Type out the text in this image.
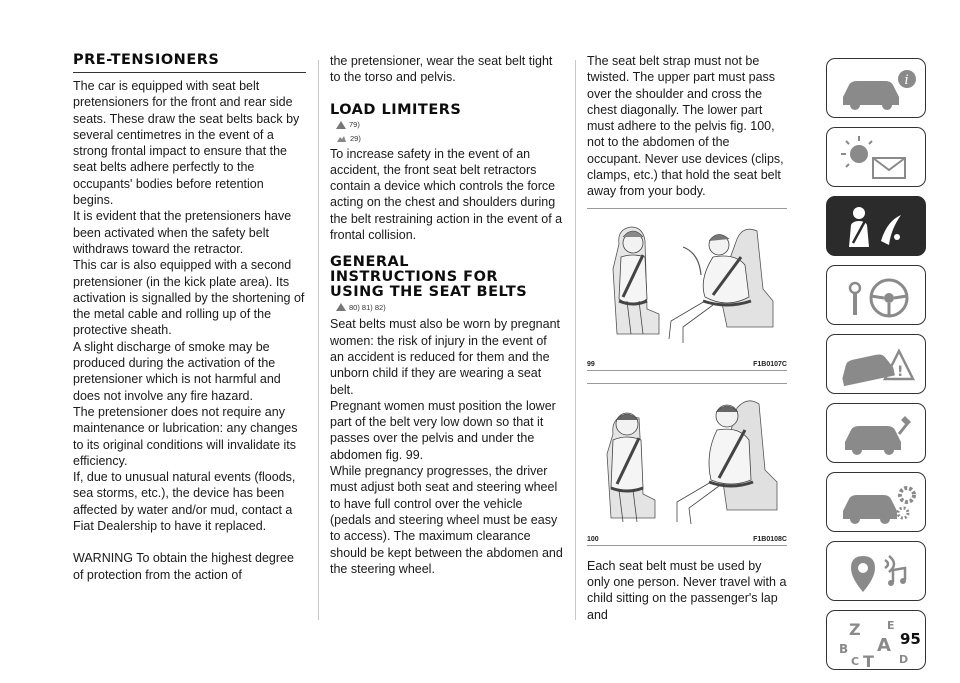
PRE-TENSIONERS

The car is equipped with seat belt pretensioners for the front and rear side seats. These draw the seat belts back by several centimetres in the event of a strong frontal impact to ensure that the seat belts adhere perfectly to the occupants' bodies before retention begins.

It is evident that the pretensioners have been activated when the safety belt withdraws toward the retractor.

This car is also equipped with a second pretensioner (in the kick plate area). Its activation is signalled by the shortening of the metal cable and rolling up of the protective sheath.

A slight discharge of smoke may be produced during the activation of the pretensioner which is not harmful and does not involve any fire hazard.

The pretensioner does not require any maintenance or lubrication: any changes to its original conditions will invalidate its efficiency.

If, due to unusual natural events (floods, sea storms, etc.), the device has been affected by water and/or mud, contact a Fiat Dealership to have it replaced.

WARNING To obtain the highest degree of protection from the action of

the pretensioner, wear the seat belt tight to the torso and pelvis.

LOAD LIMITERS
79)
29)

To increase safety in the event of an accident, the front seat belt retractors contain a device which controls the force acting on the chest and shoulders during the belt restraining action in the event of a frontal collision.

GENERAL
INSTRUCTIONS FOR
USING THE SEAT BELTS
80) 81) 82)

Seat belts must also be worn by pregnant women: the risk of injury in the event of an accident is reduced for them and the unborn child if they are wearing a seat belt.

Pregnant women must position the lower part of the belt very low down so that it passes over the pelvis and under the abdomen fig. 99.

While pregnancy progresses, the driver must adjust both seat and steering wheel to have full control over the vehicle (pedals and steering wheel must be easy to access). The maximum clearance should be kept between the abdomen and the steering wheel.

The seat belt strap must not be twisted. The upper part must pass over the shoulder and cross the chest diagonally. The lower part must adhere to the pelvis fig. 100, not to the abdomen of the occupant. Never use devices (clips, clamps, etc.) that hold the seat belt away from your body.

99	F1B0107C
100	F1B0108C

Each seat belt must be used by only one person. Never travel with a child sitting on the passenger's lap and

i
!
Z E
B A
C T D
95
